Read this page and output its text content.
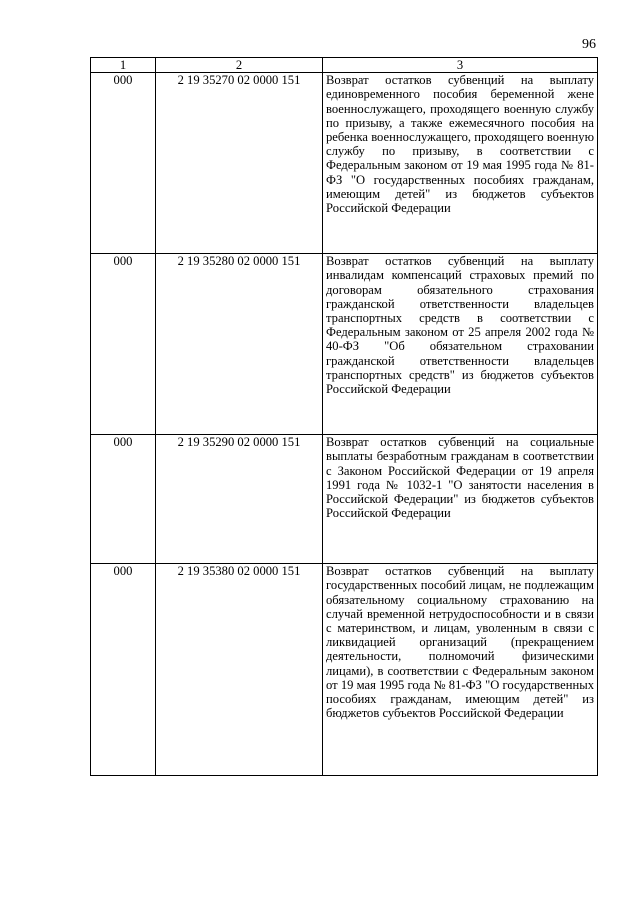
96
1	2	3
000	2 19 35270 02 0000 151	Возврат остатков субвенций на выплату единовременного пособия беременной жене военнослужащего, проходящего военную службу по призыву, а также ежемесячного пособия на ребенка военнослужащего, проходящего военную службу по призыву, в соответствии с Федеральным законом от 19 мая 1995 года № 81-ФЗ "О государственных пособиях гражданам, имеющим детей" из бюджетов субъектов Российской Федерации
000	2 19 35280 02 0000 151	Возврат остатков субвенций на выплату инвалидам компенсаций страховых премий по договорам обязательного страхования гражданской ответственности владельцев транспортных средств в соответствии с Федеральным законом от 25 апреля 2002 года № 40-ФЗ "Об обязательном страховании гражданской ответственности владельцев транспортных средств" из бюджетов субъектов Российской Федерации
000	2 19 35290 02 0000 151	Возврат остатков субвенций на социальные выплаты безработным гражданам в соответствии с Законом Российской Федерации от 19 апреля 1991 года № 1032-1 "О занятости населения в Российской Федерации" из бюджетов субъектов Российской Федерации
000	2 19 35380 02 0000 151	Возврат остатков субвенций на выплату государственных пособий лицам, не подлежащим обязательному социальному страхованию на случай временной нетрудоспособности и в связи с материнством, и лицам, уволенным в связи с ликвидацией организаций (прекращением деятельности, полномочий физическими лицами), в соответствии с Федеральным законом от 19 мая 1995 года № 81-ФЗ "О государственных пособиях гражданам, имеющим детей" из бюджетов субъектов Российской Федерации
